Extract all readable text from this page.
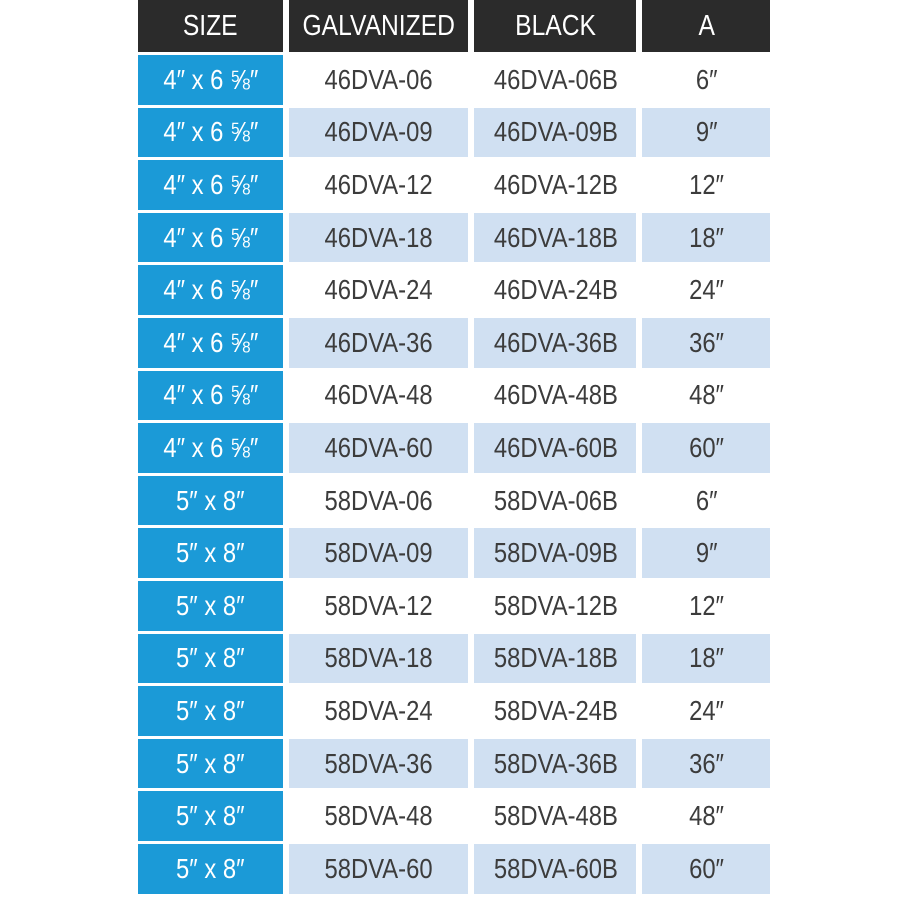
SIZE	GALVANIZED	BLACK	A
4″ x 6 ⅝″	46DVA-06	46DVA-06B	6″
4″ x 6 ⅝″	46DVA-09	46DVA-09B	9″
4″ x 6 ⅝″	46DVA-12	46DVA-12B	12″
4″ x 6 ⅝″	46DVA-18	46DVA-18B	18″
4″ x 6 ⅝″	46DVA-24	46DVA-24B	24″
4″ x 6 ⅝″	46DVA-36	46DVA-36B	36″
4″ x 6 ⅝″	46DVA-48	46DVA-48B	48″
4″ x 6 ⅝″	46DVA-60	46DVA-60B	60″
5″ x 8″	58DVA-06	58DVA-06B	6″
5″ x 8″	58DVA-09	58DVA-09B	9″
5″ x 8″	58DVA-12	58DVA-12B	12″
5″ x 8″	58DVA-18	58DVA-18B	18″
5″ x 8″	58DVA-24	58DVA-24B	24″
5″ x 8″	58DVA-36	58DVA-36B	36″
5″ x 8″	58DVA-48	58DVA-48B	48″
5″ x 8″	58DVA-60	58DVA-60B	60″
